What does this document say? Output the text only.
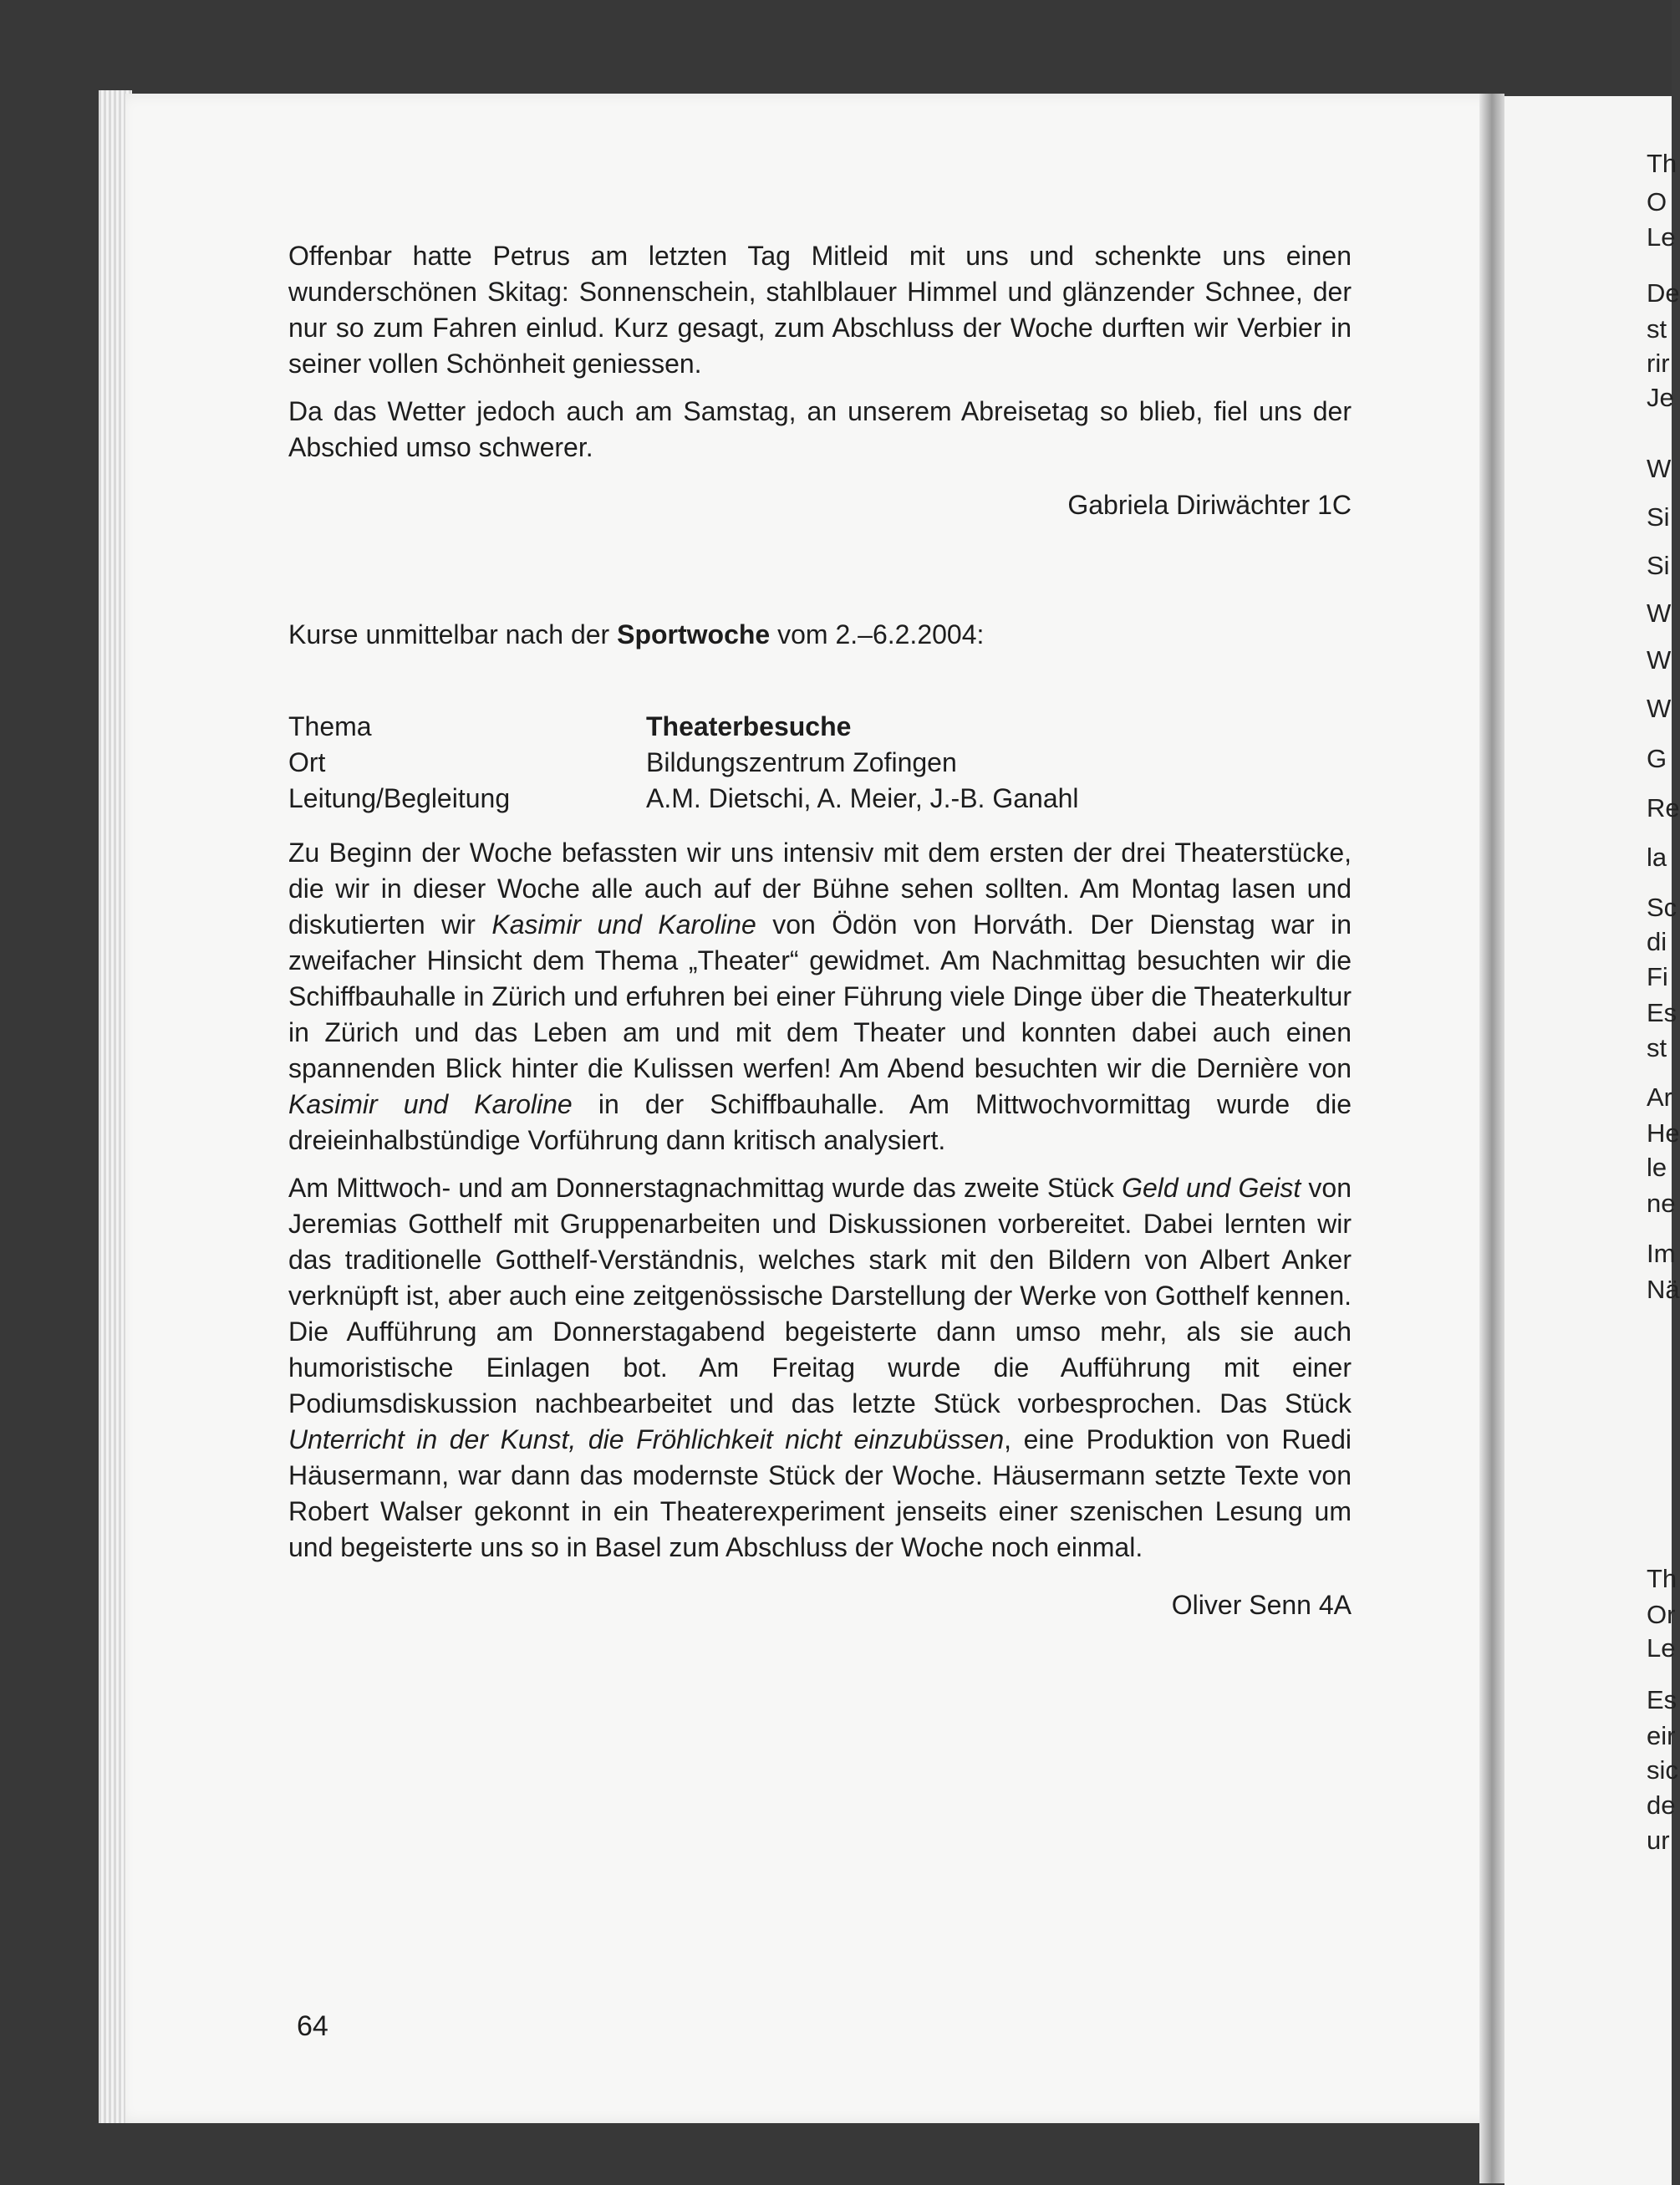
Offenbar hatte Petrus am letzten Tag Mitleid mit uns und schenkte uns einen wunderschönen Skitag: Sonnenschein, stahlblauer Himmel und glänzender Schnee, der nur so zum Fahren einlud. Kurz gesagt, zum Abschluss der Woche durften wir Verbier in seiner vollen Schönheit geniessen.

Da das Wetter jedoch auch am Samstag, an unserem Abreisetag so blieb, fiel uns der Abschied umso schwerer.

Gabriela Diriwächter 1C

Kurse unmittelbar nach der Sportwoche vom 2.–6.2.2004:

Thema	Theaterbesuche
Ort	Bildungszentrum Zofingen
Leitung/Begleitung	A.M. Dietschi, A. Meier, J.-B. Ganahl

Zu Beginn der Woche befassten wir uns intensiv mit dem ersten der drei Theaterstücke, die wir in dieser Woche alle auch auf der Bühne sehen sollten. Am Montag lasen und diskutierten wir Kasimir und Karoline von Ödön von Horváth. Der Dienstag war in zweifacher Hinsicht dem Thema „Theater“ gewidmet. Am Nachmittag besuchten wir die Schiffbauhalle in Zürich und erfuhren bei einer Führung viele Dinge über die Theaterkultur in Zürich und das Leben am und mit dem Theater und konnten dabei auch einen spannenden Blick hinter die Kulissen werfen! Am Abend besuchten wir die Dernière von Kasimir und Karoline in der Schiffbauhalle. Am Mittwochvormittag wurde die dreieinhalbstündige Vorführung dann kritisch analysiert.

Am Mittwoch- und am Donnerstagnachmittag wurde das zweite Stück Geld und Geist von Jeremias Gotthelf mit Gruppenarbeiten und Diskussionen vorbereitet. Dabei lernten wir das traditionelle Gotthelf-Verständnis, welches stark mit den Bildern von Albert Anker verknüpft ist, aber auch eine zeitgenössische Darstellung der Werke von Gotthelf kennen. Die Aufführung am Donnerstagabend begeisterte dann umso mehr, als sie auch humoristische Einlagen bot. Am Freitag wurde die Aufführung mit einer Podiumsdiskussion nachbearbeitet und das letzte Stück vorbesprochen. Das Stück Unterricht in der Kunst, die Fröhlichkeit nicht einzubüssen, eine Produktion von Ruedi Häusermann, war dann das modernste Stück der Woche. Häusermann setzte Texte von Robert Walser gekonnt in ein Theaterexperiment jenseits einer szenischen Lesung um und begeisterte uns so in Basel zum Abschluss der Woche noch einmal.

Oliver Senn 4A

64

Th

O

Le

De

st

rir

Je

W

Si

Si

W

W

W

G

Re

la

Sc

di

Fi

Es

st

Ar

He

le

ne

Im

Nä

Th

Or

Le

Es

eir

sic

de

ur
